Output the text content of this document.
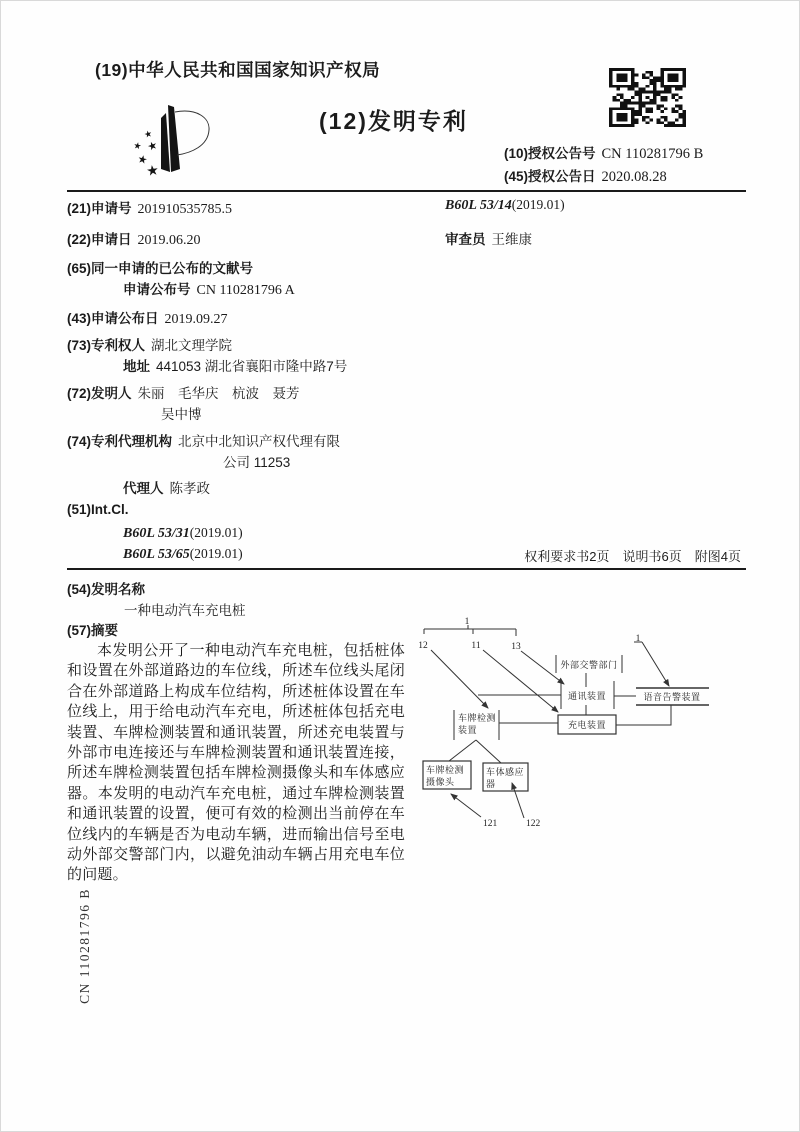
(19)中华人民共和国国家知识产权局
★
★ ★
★
★
(12)发明专利
(10)授权公告号 CN 110281796 B
(45)授权公告日 2020.08.28
(21)申请号 201910535785.5	B60L 53/14(2019.01)
(22)申请日 2019.06.20	审查员 王维康
(65)同一申请的已公布的文献号
申请公布号 CN 110281796 A
(43)申请公布日 2019.09.27
(73)专利权人 湖北文理学院
地址 441053 湖北省襄阳市隆中路7号
(72)发明人 朱丽　毛华庆　杭波　聂芳
吴中博
(74)专利代理机构 北京中北知识产权代理有限
公司 11253
代理人 陈孝政
(51)Int.Cl.
B60L 53/31(2019.01)
B60L 53/65(2019.01)	权利要求书2页　说明书6页　附图4页
(54)发明名称
一种电动汽车充电桩
(57)摘要
本发明公开了一种电动汽车充电桩，包括桩体和设置在外部道路边的车位线，所述车位线头尾闭合在外部道路上构成车位结构，所述桩体设置在车位线上，用于给电动汽车充电，所述桩体包括充电装置、车牌检测装置和通讯装置，所述充电装置与外部市电连接还与车牌检测装置和通讯装置连接，所述车牌检测装置包括车牌检测摄像头和车体感应器。本发明的电动汽车充电桩，通过车牌检测装置和通讯装置的设置，便可有效的检测出当前停在车位线内的车辆是否为电动车辆，进而输出信号至电动外部交警部门内，以避免油动车辆占用充电车位的问题。
1
12	11	13
1
外部交警部门
通讯装置	语音告警装置
充电装置
车牌检测
装置
车牌检测
摄像头
车体感应
器
121	122
CN 110281796 B
